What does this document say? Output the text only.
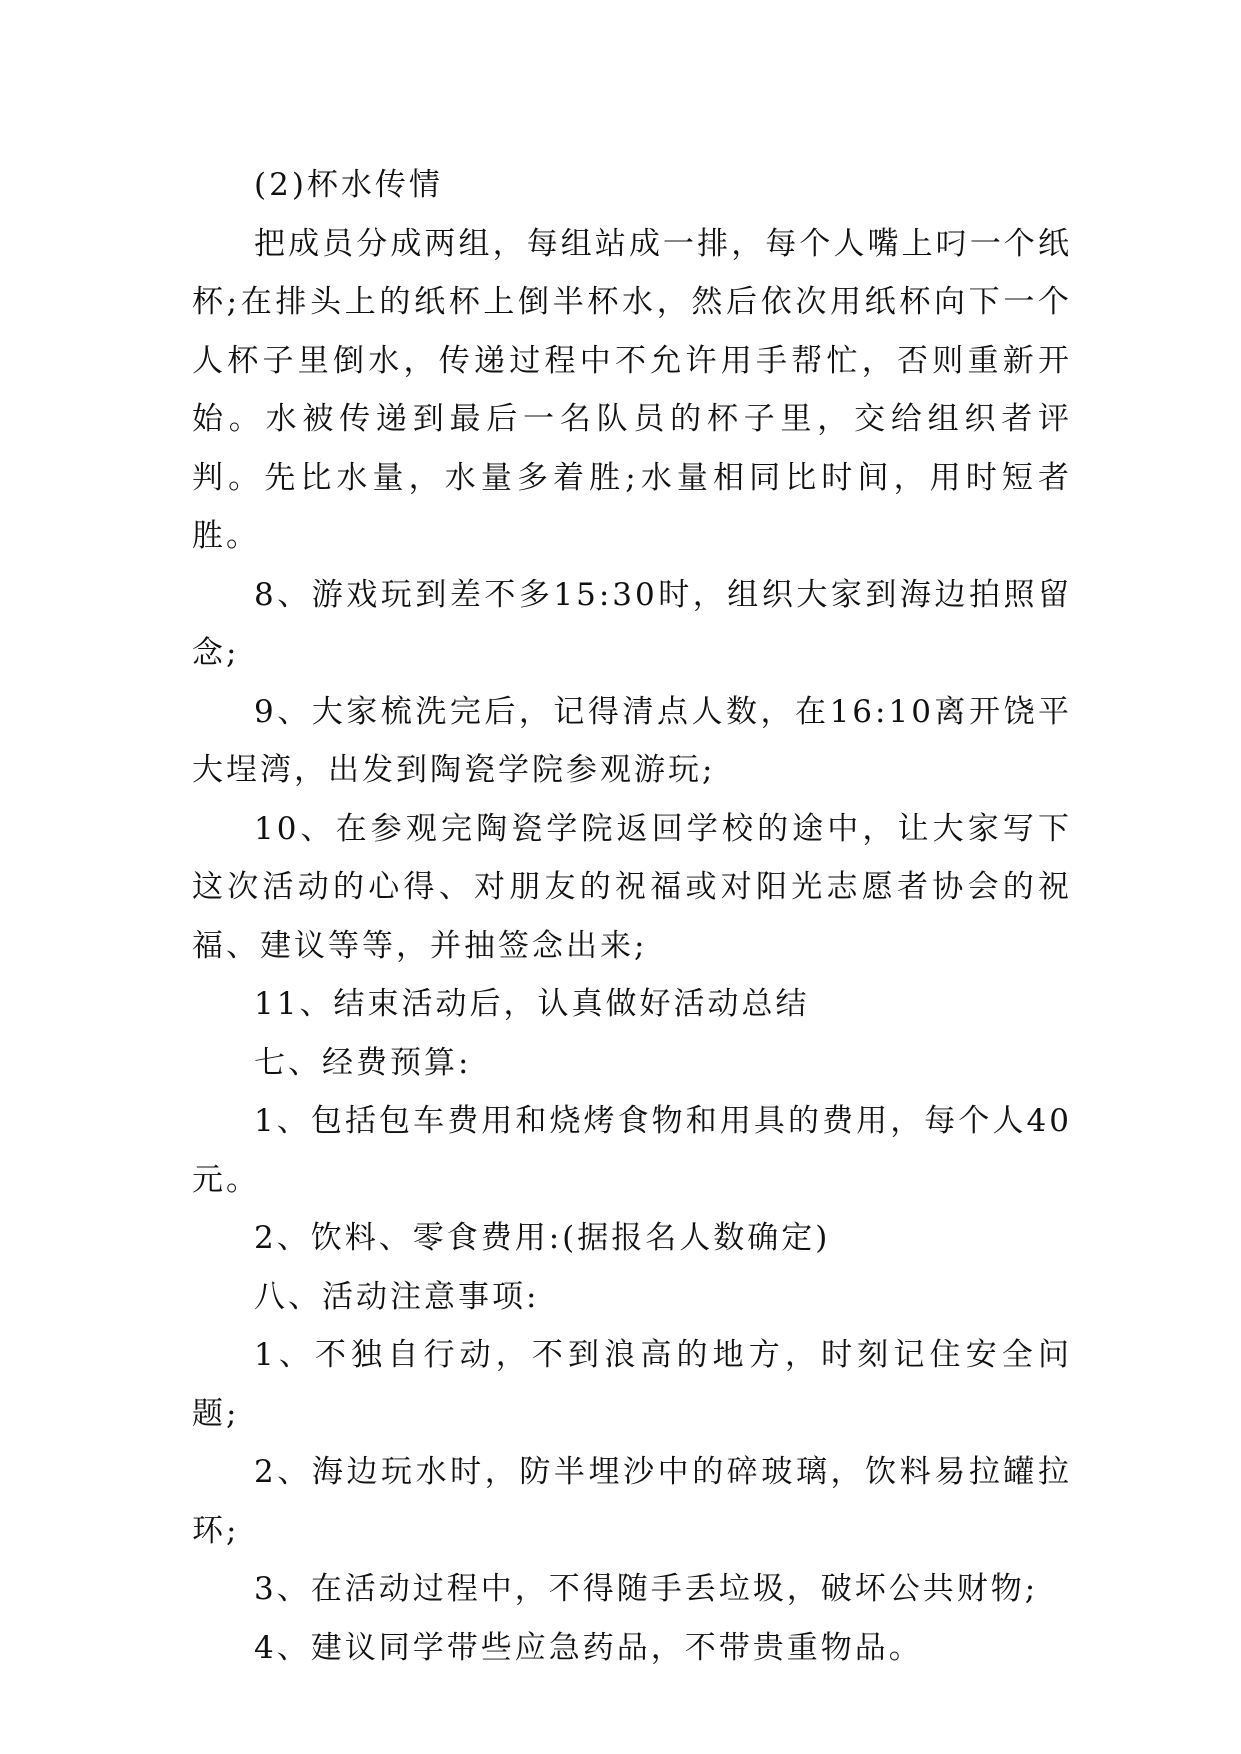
(2)杯水传情

把成员分成两组，每组站成一排，每个人嘴上叼一个纸杯;在排头上的纸杯上倒半杯水，然后依次用纸杯向下一个人杯子里倒水，传递过程中不允许用手帮忙，否则重新开始。水被传递到最后一名队员的杯子里，交给组织者评判。先比水量，水量多着胜;水量相同比时间，用时短者胜。

8、游戏玩到差不多15:30时，组织大家到海边拍照留念;

9、大家梳洗完后，记得清点人数，在16:10离开饶平大埕湾，出发到陶瓷学院参观游玩;

10、在参观完陶瓷学院返回学校的途中，让大家写下这次活动的心得、对朋友的祝福或对阳光志愿者协会的祝福、建议等等，并抽签念出来;

11、结束活动后，认真做好活动总结

七、经费预算:

1、包括包车费用和烧烤食物和用具的费用，每个人40元。

2、饮料、零食费用:(据报名人数确定)

八、活动注意事项:

1、不独自行动，不到浪高的地方，时刻记住安全问题;

2、海边玩水时，防半埋沙中的碎玻璃，饮料易拉罐拉环;

3、在活动过程中，不得随手丢垃圾，破坏公共财物;

4、建议同学带些应急药品，不带贵重物品。
